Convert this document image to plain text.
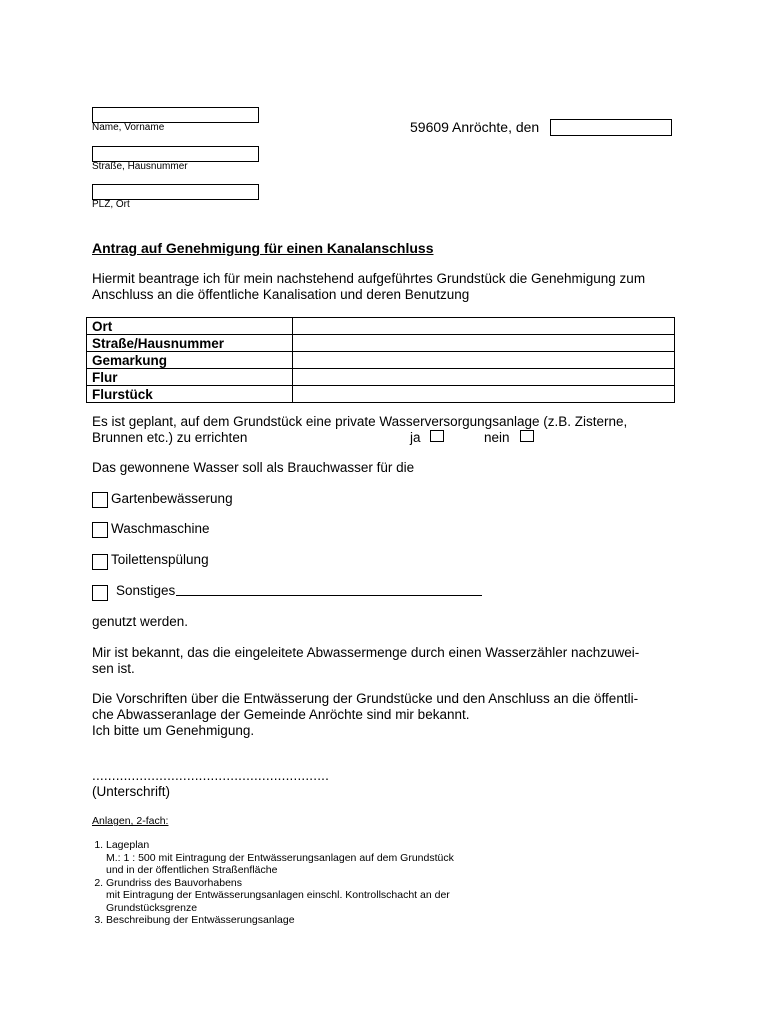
Name, Vorname
Straße, Hausnummer
PLZ, Ort
59609 Anröchte, den
Antrag auf Genehmigung für einen Kanalanschluss
Hiermit beantrage ich für mein nachstehend aufgeführtes Grundstück die Genehmigung zum Anschluss an die öffentliche Kanalisation und deren Benutzung
Ort	
Straße/Hausnummer	
Gemarkung	
Flur	
Flurstück	
Es ist geplant, auf dem Grundstück eine private Wasserversorgungsanlage (z.B. Zisterne,
Brunnen etc.) zu errichten	ja	nein
Das gewonnene Wasser soll als Brauchwasser für die
Gartenbewässerung
Waschmaschine
Toilettenspülung
Sonstiges
genutzt werden.
Mir ist bekannt, das die eingeleitete Abwassermenge durch einen Wasserzähler nachzuwei-
sen ist.
Die Vorschriften über die Entwässerung der Grundstücke und den Anschluss an die öffentli-
che Abwasseranlage der Gemeinde Anröchte sind mir bekannt.
Ich bitte um Genehmigung.
............................................................
(Unterschrift)
Anlagen, 2-fach:
1. Lageplan

M.: 1 : 500 mit Eintragung der Entwässerungsanlagen auf dem Grundstück
und in der öffentlichen Straßenfläche
2. Grundriss des Bauvorhabens

mit Eintragung der Entwässerungsanlagen einschl. Kontrollschacht an der
Grundstücksgrenze
3. Beschreibung der Entwässerungsanlage
